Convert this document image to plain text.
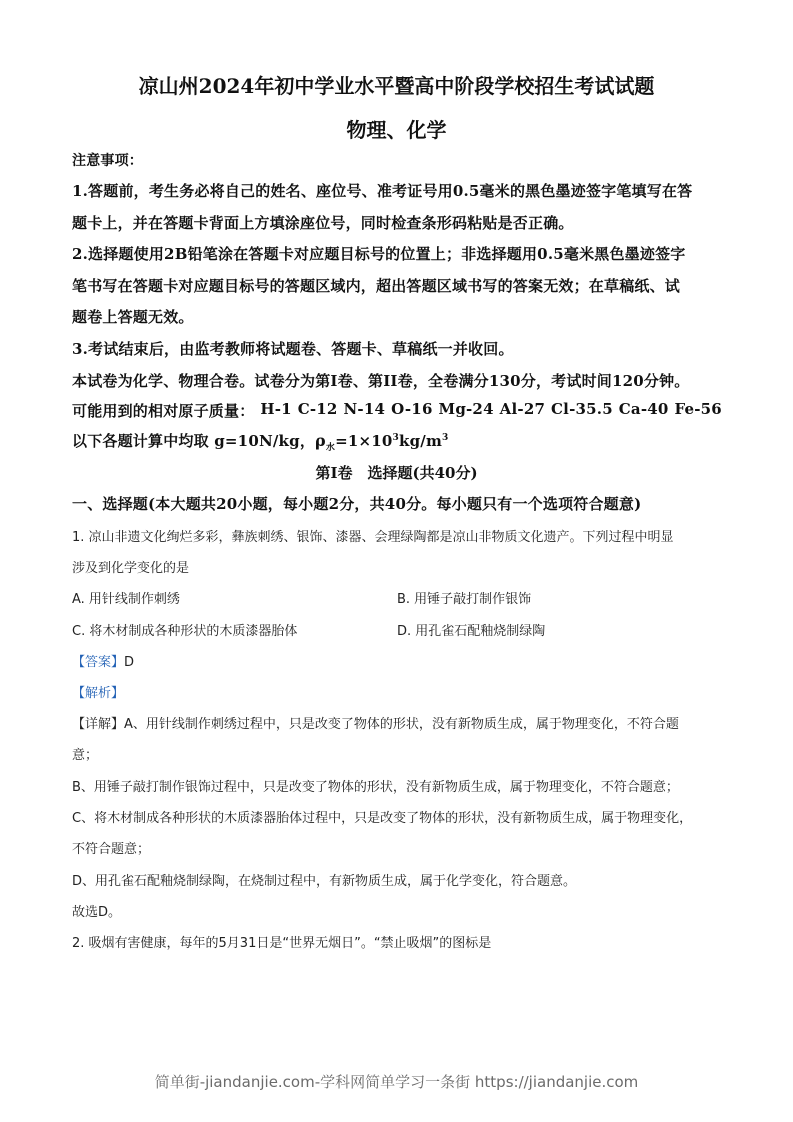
凉山州2024年初中学业水平暨高中阶段学校招生考试试题
物理、化学
注意事项：
1.答题前，考生务必将自己的姓名、座位号、准考证号用0.5毫米的黑色墨迹签字笔填写在答
题卡上，并在答题卡背面上方填涂座位号，同时检查条形码粘贴是否正确。
2.选择题使用2B铅笔涂在答题卡对应题目标号的位置上；非选择题用0.5毫米黑色墨迹签字
笔书写在答题卡对应题目标号的答题区域内，超出答题区域书写的答案无效；在草稿纸、试
题卷上答题无效。
3.考试结束后，由监考教师将试题卷、答题卡、草稿纸一并收回。
本试卷为化学、物理合卷。试卷分为第I卷、第II卷，全卷满分130分，考试时间120分钟。
可能用到的相对原子质量： H-1 C-12 N-14 O-16 Mg-24 Al-27 Cl-35.5 Ca-40 Fe-56
以下各题计算中均取 g=10N/kg，$\rho_水=1\times 10^3kg/m^3$
第I卷　选择题(共40分)
一、选择题(本大题共20小题，每小题2分，共40分。每小题只有一个选项符合题意)
1. 凉山非遗文化绚烂多彩，彝族刺绣、银饰、漆器、会理绿陶都是凉山非物质文化遗产。下列过程中明显
涉及到化学变化的是
A. 用针线制作刺绣	B. 用锤子敲打制作银饰
C. 将木材制成各种形状的木质漆器胎体	D. 用孔雀石配釉烧制绿陶
【答案】D
【解析】
【详解】A、用针线制作刺绣过程中，只是改变了物体的形状，没有新物质生成，属于物理变化，不符合题
意；
B、用锤子敲打制作银饰过程中，只是改变了物体的形状，没有新物质生成，属于物理变化，不符合题意；
C、将木材制成各种形状的木质漆器胎体过程中，只是改变了物体的形状，没有新物质生成，属于物理变化，
不符合题意；
D、用孔雀石配釉烧制绿陶，在烧制过程中，有新物质生成，属于化学变化，符合题意。
故选D。
2. 吸烟有害健康，每年的5月31日是“世界无烟日”。“禁止吸烟”的图标是
简单街-jiandanjie.com-学科网简单学习一条街 https://jiandanjie.com
